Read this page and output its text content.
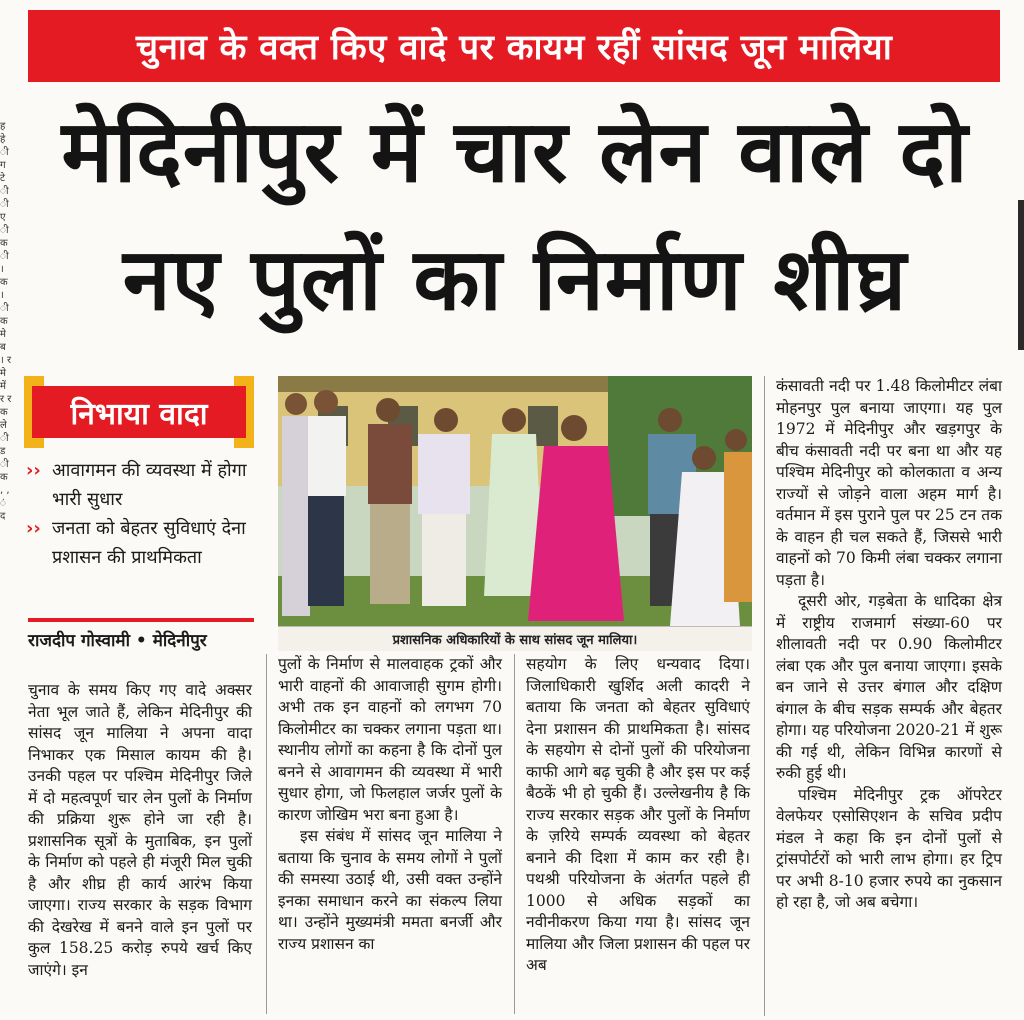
ह हे ी ग टे ी ी ए ी क ी । क । ी क मे ब । र मे में र र क ले ी ड ी क , , ं द
चुनाव के वक्त किए वादे पर कायम रहीं सांसद जून मालिया
मेदिनीपुर में चार लेन वाले दो
नए पुलों का निर्माण शीघ्र
निभाया वादा
›› आवागमन की व्यवस्था में होगा भारी सुधार
›› जनता को बेहतर सुविधाएं देना प्रशासन की प्राथमिकता
राजदीप गोस्वामी • मेदिनीपुर	प्रशासनिक अधिकारियों के साथ सांसद जून मालिया।

चुनाव के समय किए गए वादे अक्सर नेता भूल जाते हैं, लेकिन मेदिनीपुर की सांसद जून मालिया ने अपना वादा निभाकर एक मिसाल कायम की है। उनकी पहल पर पश्चिम मेदिनीपुर जिले में दो महत्वपूर्ण चार लेन पुलों के निर्माण की प्रक्रिया शुरू होने जा रही है। प्रशासनिक सूत्रों के मुताबिक, इन पुलों के निर्माण को पहले ही मंजूरी मिल चुकी है और शीघ्र ही कार्य आरंभ किया जाएगा। राज्य सरकार के सड़क विभाग की देखरेख में बनने वाले इन पुलों पर कुल 158.25 करोड़ रुपये खर्च किए जाएंगे। इन

पुलों के निर्माण से मालवाहक ट्रकों और भारी वाहनों की आवाजाही सुगम होगी। अभी तक इन वाहनों को लगभग 70 किलोमीटर का चक्कर लगाना पड़ता था। स्थानीय लोगों का कहना है कि दोनों पुल बनने से आवागमन की व्यवस्था में भारी सुधार होगा, जो फिलहाल जर्जर पुलों के कारण जोखिम भरा बना हुआ है।

इस संबंध में सांसद जून मालिया ने बताया कि चुनाव के समय लोगों ने पुलों की समस्या उठाई थी, उसी वक्त उन्होंने इनका समाधान करने का संकल्प लिया था। उन्होंने मुख्यमंत्री ममता बनर्जी और राज्य प्रशासन का

सहयोग के लिए धन्यवाद दिया। जिलाधिकारी खुर्शिद अली कादरी ने बताया कि जनता को बेहतर सुविधाएं देना प्रशासन की प्राथमिकता है। सांसद के सहयोग से दोनों पुलों की परियोजना काफी आगे बढ़ चुकी है और इस पर कई बैठकें भी हो चुकी हैं। उल्लेखनीय है कि राज्य सरकार सड़क और पुलों के निर्माण के ज़रिये सम्पर्क व्यवस्था को बेहतर बनाने की दिशा में काम कर रही है। पथश्री परियोजना के अंतर्गत पहले ही 1000 से अधिक सड़कों का नवीनीकरण किया गया है। सांसद जून मालिया और जिला प्रशासन की पहल पर अब

कंसावती नदी पर 1.48 किलोमीटर लंबा मोहनपुर पुल बनाया जाएगा। यह पुल 1972 में मेदिनीपुर और खड़गपुर के बीच कंसावती नदी पर बना था और यह पश्चिम मेदिनीपुर को कोलकाता व अन्य राज्यों से जोड़ने वाला अहम मार्ग है। वर्तमान में इस पुराने पुल पर 25 टन तक के वाहन ही चल सकते हैं, जिससे भारी वाहनों को 70 किमी लंबा चक्कर लगाना पड़ता है।

दूसरी ओर, गड़बेता के धादिका क्षेत्र में राष्ट्रीय राजमार्ग संख्या-60 पर शीलावती नदी पर 0.90 किलोमीटर लंबा एक और पुल बनाया जाएगा। इसके बन जाने से उत्तर बंगाल और दक्षिण बंगाल के बीच सड़क सम्पर्क और बेहतर होगा। यह परियोजना 2020-21 में शुरू की गई थी, लेकिन विभिन्न कारणों से रुकी हुई थी।

पश्चिम मेदिनीपुर ट्रक ऑपरेटर वेलफेयर एसोसिएशन के सचिव प्रदीप मंडल ने कहा कि इन दोनों पुलों से ट्रांसपोर्टरों को भारी लाभ होगा। हर ट्रिप पर अभी 8-10 हजार रुपये का नुकसान हो रहा है, जो अब बचेगा।
